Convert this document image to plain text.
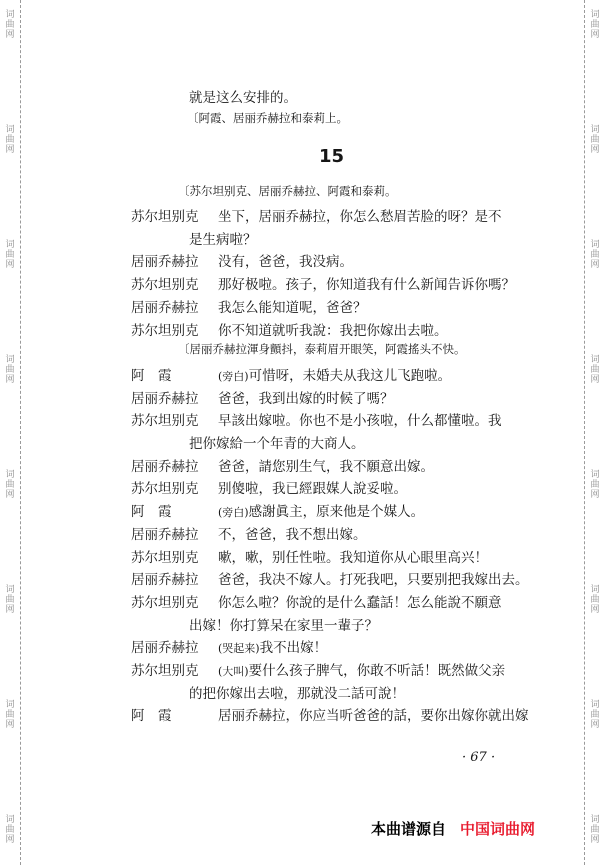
词
曲
网
词
曲
网
词
曲
网
词
曲
网
词
曲
网
词
曲
网
词
曲
网
词
曲
网
词
曲
网
词
曲
网
词
曲
网
词
曲
网
词
曲
网
词
曲
网
词
曲
网
词
曲
网
就是这么安排的。
〔阿霞、居丽乔赫拉和泰莉上。
15
〔苏尔坦别克、居丽乔赫拉、阿霞和泰莉。
苏尔坦别克 坐下，居丽乔赫拉，你怎么愁眉苦脸的呀？是不
是生病啦？
居丽乔赫拉 没有，爸爸，我没病。
苏尔坦别克 那好极啦。孩子，你知道我有什么新闻告诉你嗎？
居丽乔赫拉 我怎么能知道呢，爸爸？
苏尔坦别克 你不知道就听我說：我把你嫁出去啦。
〔居丽乔赫拉渾身顫抖，泰莉眉开眼笑，阿霞搖头不快。
阿　霞	(旁白)可惜呀，未婚夫从我这儿飞跑啦。
居丽乔赫拉 爸爸，我到出嫁的时候了嗎？
苏尔坦别克 早該出嫁啦。你也不是小孩啦，什么都懂啦。我
把你嫁給一个年青的大商人。
居丽乔赫拉 爸爸，請您别生气，我不願意出嫁。
苏尔坦别克 别傻啦，我已經跟媒人說妥啦。
阿　霞	(旁白)感謝眞主，原来他是个媒人。
居丽乔赫拉 不，爸爸，我不想出嫁。
苏尔坦别克 嗽，嗽，别任性啦。我知道你从心眼里高兴！
居丽乔赫拉 爸爸，我决不嫁人。打死我吧，只要别把我嫁出去。
苏尔坦别克 你怎么啦？你說的是什么蠢話！怎么能說不願意
出嫁！你打算呆在家里一輩子？
居丽乔赫拉 (哭起来)我不出嫁！
苏尔坦别克 (大叫)要什么孩子脾气，你敢不听話！既然做父亲
的把你嫁出去啦，那就没二話可說！
阿　霞	居丽乔赫拉，你应当听爸爸的話，要你出嫁你就出嫁
· 67 ·
本曲谱源自 中国词曲网
